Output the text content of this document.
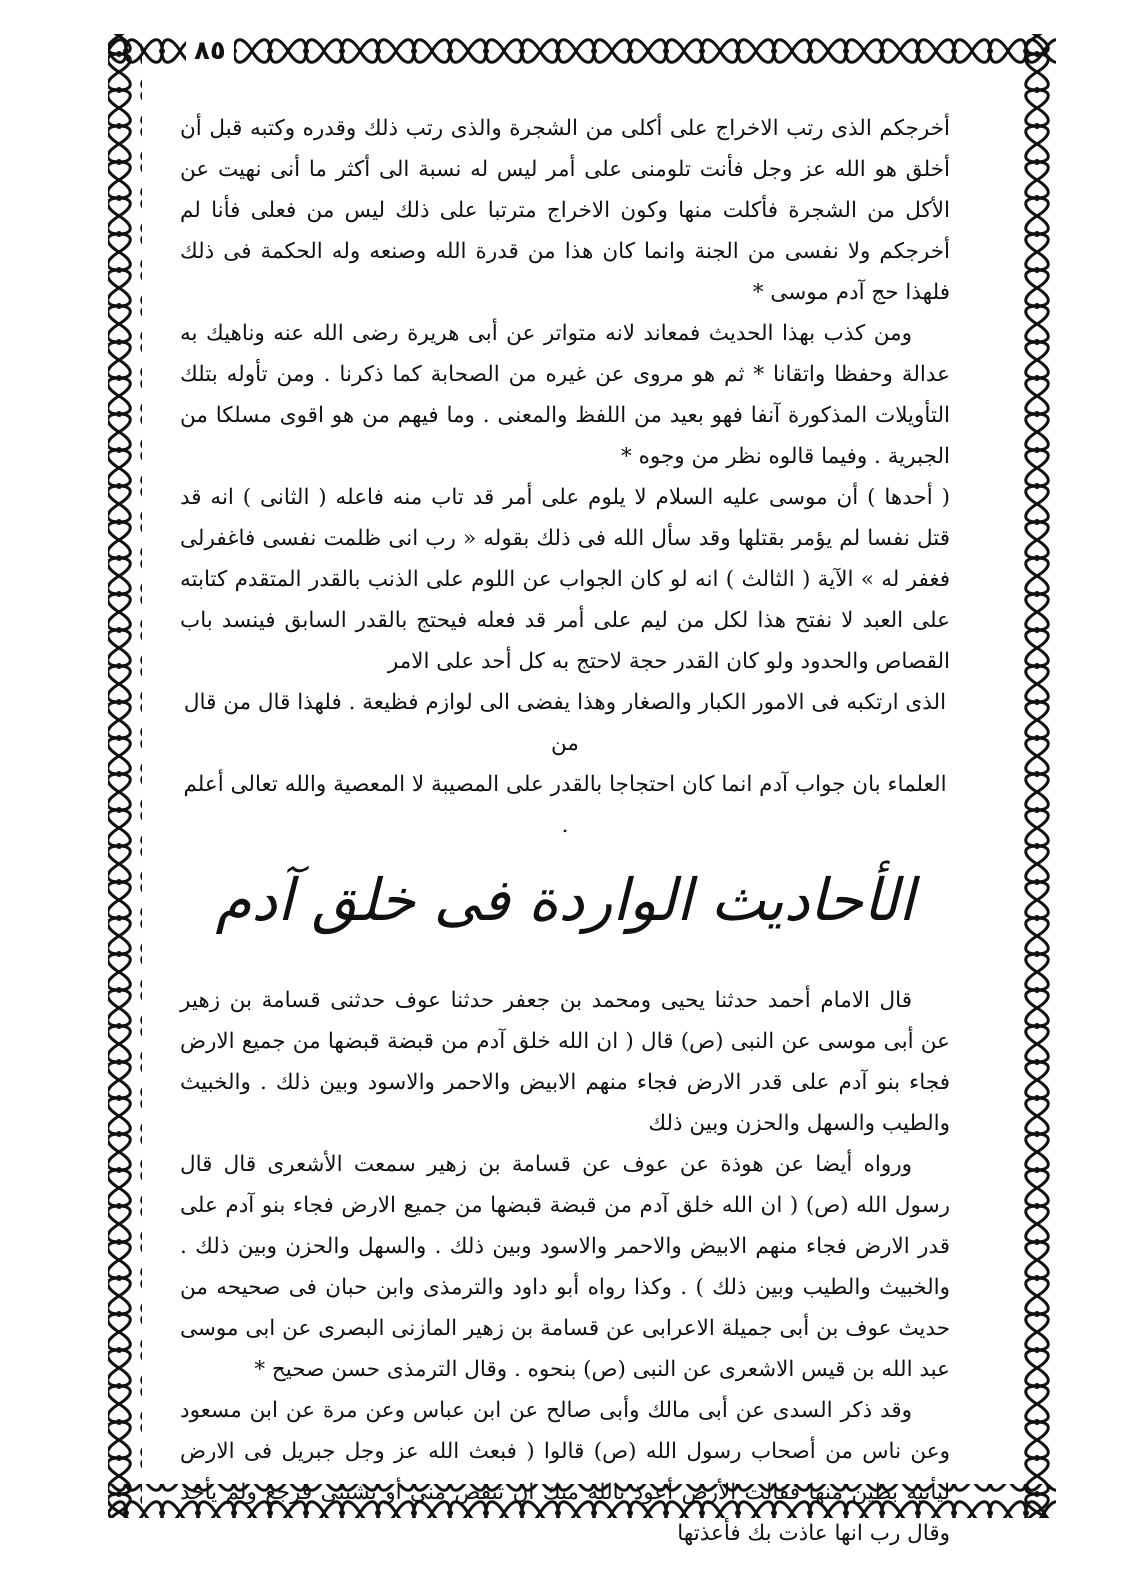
٨٥

أخرجكم الذى رتب الاخراج على أكلى من الشجرة والذى رتب ذلك وقدره وكتبه قبل أن أخلق هو الله عز وجل فأنت تلومنى على أمر ليس له نسبة الى أكثر ما أنى نهيت عن الأكل من الشجرة فأكلت منها وكون الاخراج مترتبا على ذلك ليس من فعلى فأنا لم أخرجكم ولا نفسى من الجنة وانما كان هذا من قدرة الله وصنعه وله الحكمة فى ذلك فلهذا حج آدم موسى *

ومن كذب بهذا الحديث فمعاند لانه متواتر عن أبى هريرة رضى الله عنه وناهيك به عدالة وحفظا واتقانا * ثم هو مروى عن غيره من الصحابة كما ذكرنا . ومن تأوله بتلك التأويلات المذكورة آنفا فهو بعيد من اللفظ والمعنى . وما فيهم من هو اقوى مسلكا من الجبرية . وفيما قالوه نظر من وجوه *

( أحدها ) أن موسى عليه السلام لا يلوم على أمر قد تاب منه فاعله ( الثانى ) انه قد قتل نفسا لم يؤمر بقتلها وقد سأل الله فى ذلك بقوله « رب انى ظلمت نفسى فاغفرلى فغفر له » الآية ( الثالث ) انه لو كان الجواب عن اللوم على الذنب بالقدر المتقدم كتابته على العبد لا نفتح هذا لكل من ليم على أمر قد فعله فيحتج بالقدر السابق فينسد باب القصاص والحدود ولو كان القدر حجة لاحتج به كل أحد على الامر

الذى ارتكبه فى الامور الكبار والصغار وهذا يفضى الى لوازم فظيعة . فلهذا قال من قال من

العلماء بان جواب آدم انما كان احتجاجا بالقدر على المصيبة لا المعصية والله تعالى أعلم .

الأحاديث الواردة فى خلق آدم

قال الامام أحمد حدثنا يحيى ومحمد بن جعفر حدثنا عوف حدثنى قسامة بن زهير عن أبى موسى عن النبى (ص) قال ( ان الله خلق آدم من قبضة قبضها من جميع الارض فجاء بنو آدم على قدر الارض فجاء منهم الابيض والاحمر والاسود وبين ذلك . والخبيث والطيب والسهل والحزن وبين ذلك

ورواه أيضا عن هوذة عن عوف عن قسامة بن زهير سمعت الأشعرى قال قال رسول الله (ص) ( ان الله خلق آدم من قبضة قبضها من جميع الارض فجاء بنو آدم على قدر الارض فجاء منهم الابيض والاحمر والاسود وبين ذلك . والسهل والحزن وبين ذلك . والخبيث والطيب وبين ذلك ) . وكذا رواه أبو داود والترمذى وابن حبان فى صحيحه من حديث عوف بن أبى جميلة الاعرابى عن قسامة بن زهير المازنى البصرى عن ابى موسى عبد الله بن قيس الاشعرى عن النبى (ص) بنحوه . وقال الترمذى حسن صحيح *

وقد ذكر السدى عن أبى مالك وأبى صالح عن ابن عباس وعن مرة عن ابن مسعود وعن ناس من أصحاب رسول الله (ص) قالوا ( فبعث الله عز وجل جبريل فى الارض ليأتيه بطين منها فقالت الأرض أعوذ بالله منك ان تنقص منى أو تشينى فرجع ولم يأخذ وقال رب انها عاذت بك فأعذتها
